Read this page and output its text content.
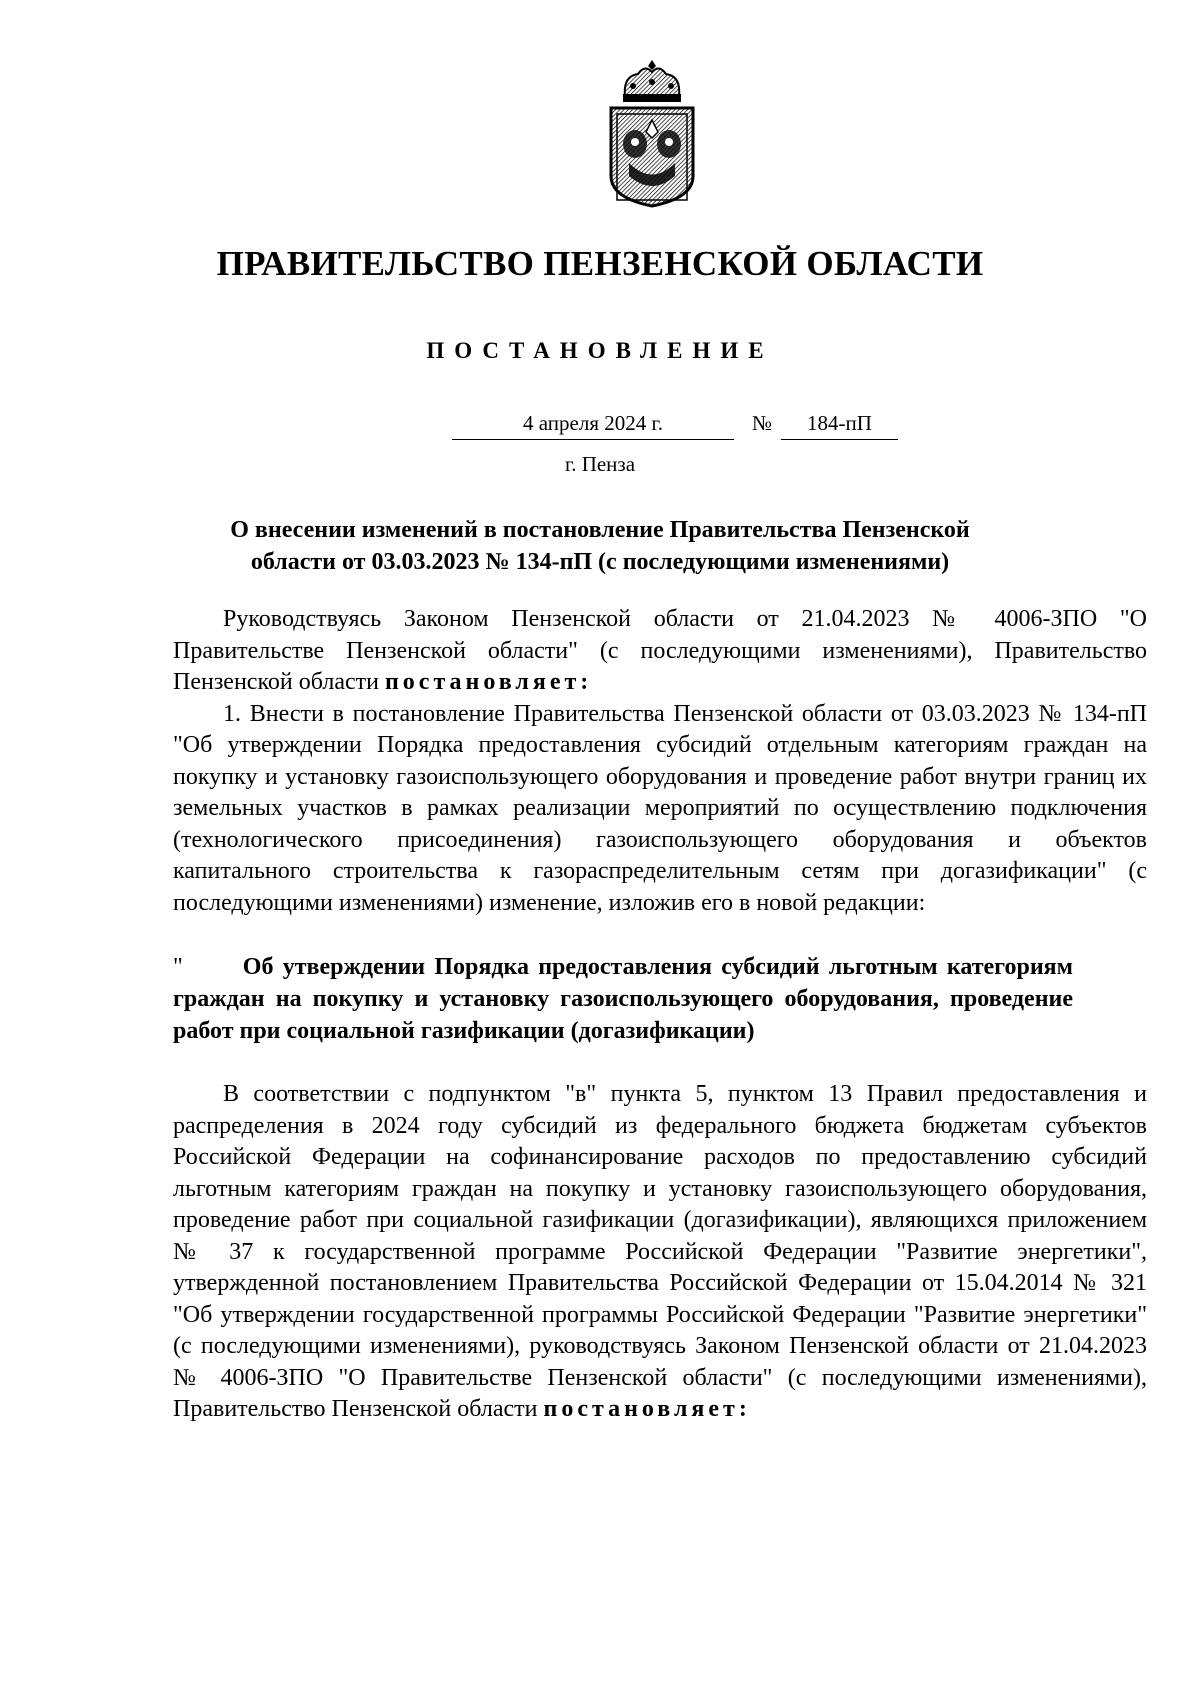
ПРАВИТЕЛЬСТВО ПЕНЗЕНСКОЙ ОБЛАСТИ
ПОСТАНОВЛЕНИЕ
4 апреля 2024 г.	№	184-пП
г. Пенза

О внесении изменений в постановление Правительства Пензенской области от 03.03.2023 № 134-пП (с последующими изменениями)

Руководствуясь Законом Пензенской области от 21.04.2023 № 4006-ЗПО "О Правительстве Пензенской области" (с последующими изменениями), Правительство Пензенской области постановляет:

1. Внести в постановление Правительства Пензенской области от 03.03.2023 № 134-пП "Об утверждении Порядка предоставления субсидий отдельным категориям граждан на покупку и установку газоиспользующего оборудования и проведение работ внутри границ их земельных участков в рамках реализации мероприятий по осуществлению подключения (технологического присоединения) газоиспользующего оборудования и объектов капитального строительства к газораспределительным сетям при догазификации" (с последующими изменениями) изменение, изложив его в новой редакции:

"	Об утверждении Порядка предоставления субсидий льготным категориям граждан на покупку и установку газоиспользующего оборудования, проведение работ при социальной газификации (догазификации)

В соответствии с подпунктом "в" пункта 5, пунктом 13 Правил предоставления и распределения в 2024 году субсидий из федерального бюджета бюджетам субъектов Российской Федерации на софинансирование расходов по предоставлению субсидий льготным категориям граждан на покупку и установку газоиспользующего оборудования, проведение работ при социальной газификации (догазификации), являющихся приложением № 37 к государственной программе Российской Федерации "Развитие энергетики", утвержденной постановлением Правительства Российской Федерации от 15.04.2014 № 321 "Об утверждении государственной программы Российской Федерации "Развитие энергетики" (с последующими изменениями), руководствуясь Законом Пензенской области от 21.04.2023 № 4006-ЗПО "О Правительстве Пензенской области" (с последующими изменениями), Правительство Пензенской области постановляет:
